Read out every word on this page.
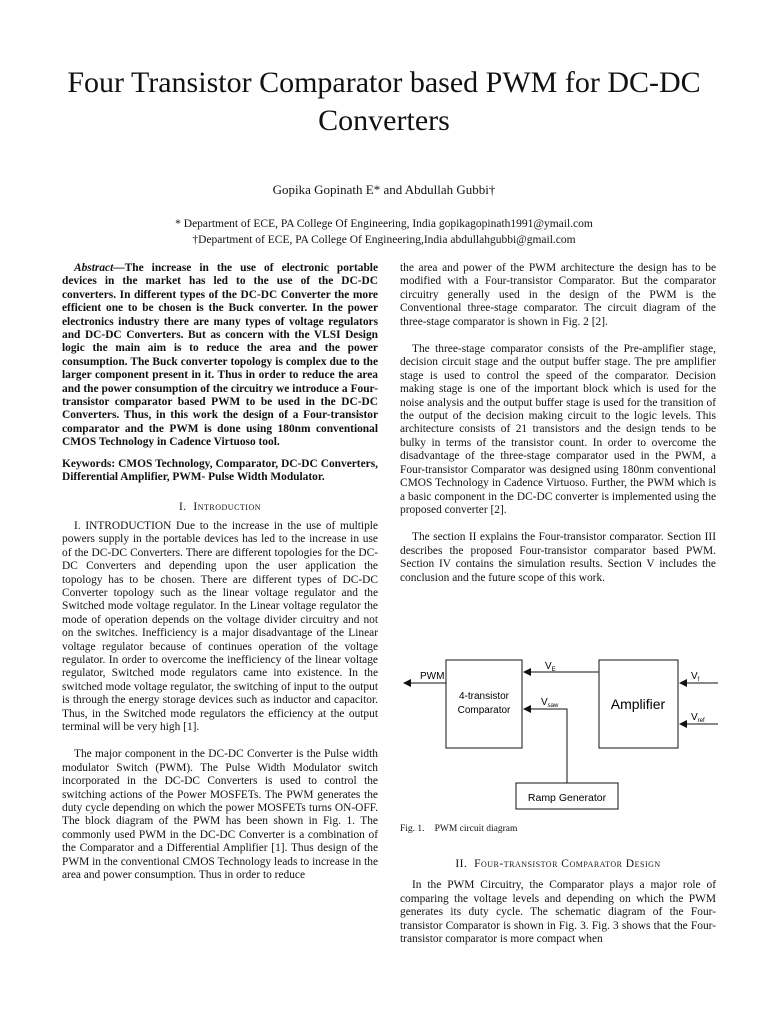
Four Transistor Comparator based PWM for DC-DC Converters
Gopika Gopinath E* and Abdullah Gubbi†
* Department of ECE, PA College Of Engineering, India gopikagopinath1991@ymail.com
†Department of ECE, PA College Of Engineering,India abdullahgubbi@gmail.com

Abstract—The increase in the use of electronic portable devices in the market has led to the use of the DC-DC converters. In different types of the DC-DC Converter the more efficient one to be chosen is the Buck converter. In the power electronics industry there are many types of voltage regulators and DC-DC Converters. But as concern with the VLSI Design logic the main aim is to reduce the area and the power consumption. The Buck converter topology is complex due to the larger component present in it. Thus in order to reduce the area and the power consumption of the circuitry we introduce a Four-transistor comparator based PWM to be used in the DC-DC Converters. Thus, in this work the design of a Four-transistor comparator and the PWM is done using 180nm conventional CMOS Technology in Cadence Virtuoso tool.

Keywords: CMOS Technology, Comparator, DC-DC Converters, Differential Amplifier, PWM- Pulse Width Modulator.

I. Introduction

I. INTRODUCTION Due to the increase in the use of multiple powers supply in the portable devices has led to the increase in use of the DC-DC Converters. There are different topologies for the DC-DC Converters and depending upon the user application the topology has to be chosen. There are different types of DC-DC Converter topology such as the linear voltage regulator and the Switched mode voltage regulator. In the Linear voltage regulator the mode of operation depends on the voltage divider circuitry and not on the switches. Inefficiency is a major disadvantage of the Linear voltage regulator because of continues operation of the voltage regulator. In order to overcome the inefficiency of the linear voltage regulator, Switched mode regulators came into existence. In the switched mode voltage regulator, the switching of input to the output is through the energy storage devices such as inductor and capacitor. Thus, in the Switched mode regulators the efficiency at the output terminal will be very high [1].

The major component in the DC-DC Converter is the Pulse width modulator Switch (PWM). The Pulse Width Modulator switch incorporated in the DC-DC Converters is used to control the switching actions of the Power MOSFETs. The PWM generates the duty cycle depending on which the power MOSFETs turns ON-OFF. The block diagram of the PWM has been shown in Fig. 1. The commonly used PWM in the DC-DC Converter is a combination of the Comparator and a Differential Amplifier [1]. Thus design of the PWM in the conventional CMOS Technology leads to increase in the area and power consumption. Thus in order to reduce

the area and power of the PWM architecture the design has to be modified with a Four-transistor Comparator. But the comparator circuitry generally used in the design of the PWM is the Conventional three-stage comparator. The circuit diagram of the three-stage comparator is shown in Fig. 2 [2].

The three-stage comparator consists of the Pre-amplifier stage, decision circuit stage and the output buffer stage. The pre amplifier stage is used to control the speed of the comparator. Decision making stage is one of the important block which is used for the noise analysis and the output buffer stage is used for the transition of the output of the decision making circuit to the logic levels. This architecture consists of 21 transistors and the design tends to be bulky in terms of the transistor count. In order to overcome the disadvantage of the three-stage comparator used in the PWM, a Four-transistor Comparator was designed using 180nm conventional CMOS Technology in Cadence Virtuoso. Further, the PWM which is a basic component in the DC-DC converter is implemented using the proposed converter [2].

The section II explains the Four-transistor comparator. Section III describes the proposed Four-transistor comparator based PWM. Section IV contains the simulation results. Section V includes the conclusion and the future scope of this work.

PWM
4-transistor
Comparator	Amplifier
Ramp Generator
$V_E$
$V_{saw}$
$V_f$
$V_{ref}$
Fig. 1. PWM circuit diagram
II. Four-transistor Comparator Design

In the PWM Circuitry, the Comparator plays a major role of comparing the voltage levels and depending on which the PWM generates its duty cycle. The schematic diagram of the Four-transistor Comparator is shown in Fig. 3. Fig. 3 shows that the Four-transistor comparator is more compact when
